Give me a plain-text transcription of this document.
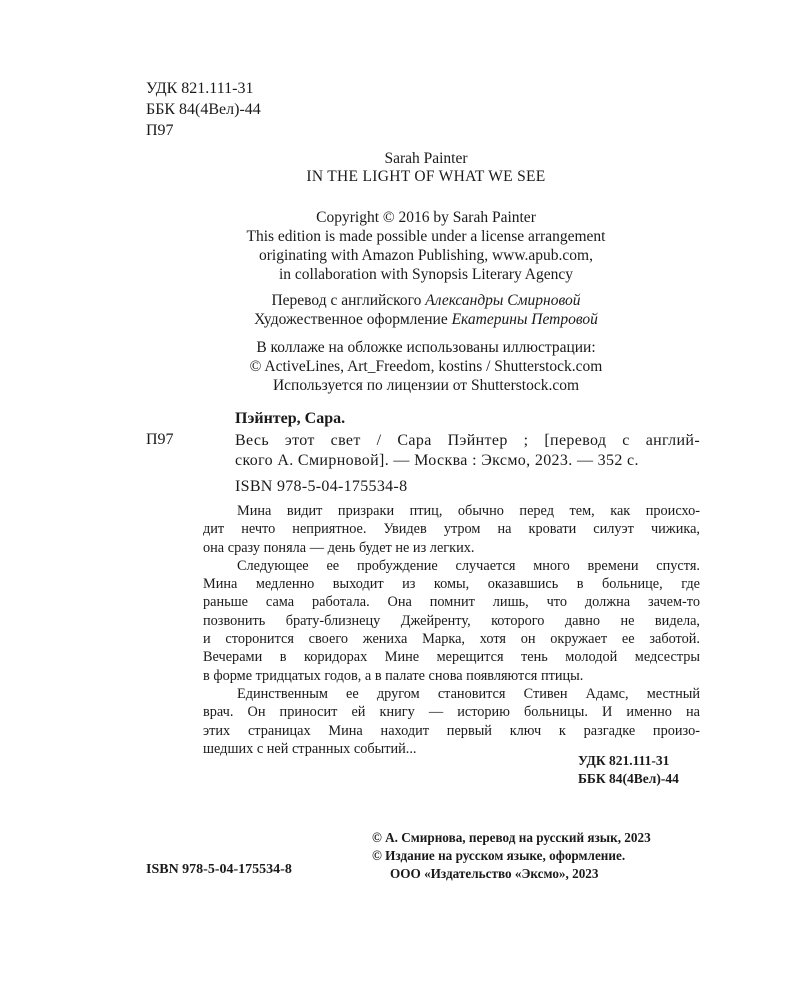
УДК 821.111-31
ББК 84(4Вел)-44
П97
Sarah Painter
IN THE LIGHT OF WHAT WE SEE
Copyright © 2016 by Sarah Painter
This edition is made possible under a license arrangement
originating with Amazon Publishing, www.apub.com,
in collaboration with Synopsis Literary Agency
Перевод с английского Александры Смирновой
Художественное оформление Екатерины Петровой
В коллаже на обложке использованы иллюстрации:
© ActiveLines, Art_Freedom, kostins / Shutterstock.com
Используется по лицензии от Shutterstock.com
Пэйнтер, Сара.
П97	Весь этот свет / Сара Пэйнтер ; [перевод с англий-
ского А. Смирновой]. — Москва : Эксмо, 2023. — 352 с.
ISBN 978-5-04-175534-8
Мина видит призраки птиц, обычно перед тем, как происхо-
дит нечто неприятное. Увидев утром на кровати силуэт чижика,
она сразу поняла — день будет не из легких.
Следующее ее пробуждение случается много времени спустя.
Мина медленно выходит из комы, оказавшись в больнице, где
раньше сама работала. Она помнит лишь, что должна зачем-то
позвонить брату-близнецу Джейренту, которого давно не видела,
и сторонится своего жениха Марка, хотя он окружает ее заботой.
Вечерами в коридорах Мине мерещится тень молодой медсестры
в форме тридцатых годов, а в палате снова появляются птицы.
Единственным ее другом становится Стивен Адамс, местный
врач. Он приносит ей книгу — историю больницы. И именно на
этих страницах Мина находит первый ключ к разгадке произо-
шедших с ней странных событий...
УДК 821.111-31
ББК 84(4Вел)-44
© А. Смирнова, перевод на русский язык, 2023
© Издание на русском языке, оформление.
ООО «Издательство «Эксмо», 2023
ISBN 978-5-04-175534-8
